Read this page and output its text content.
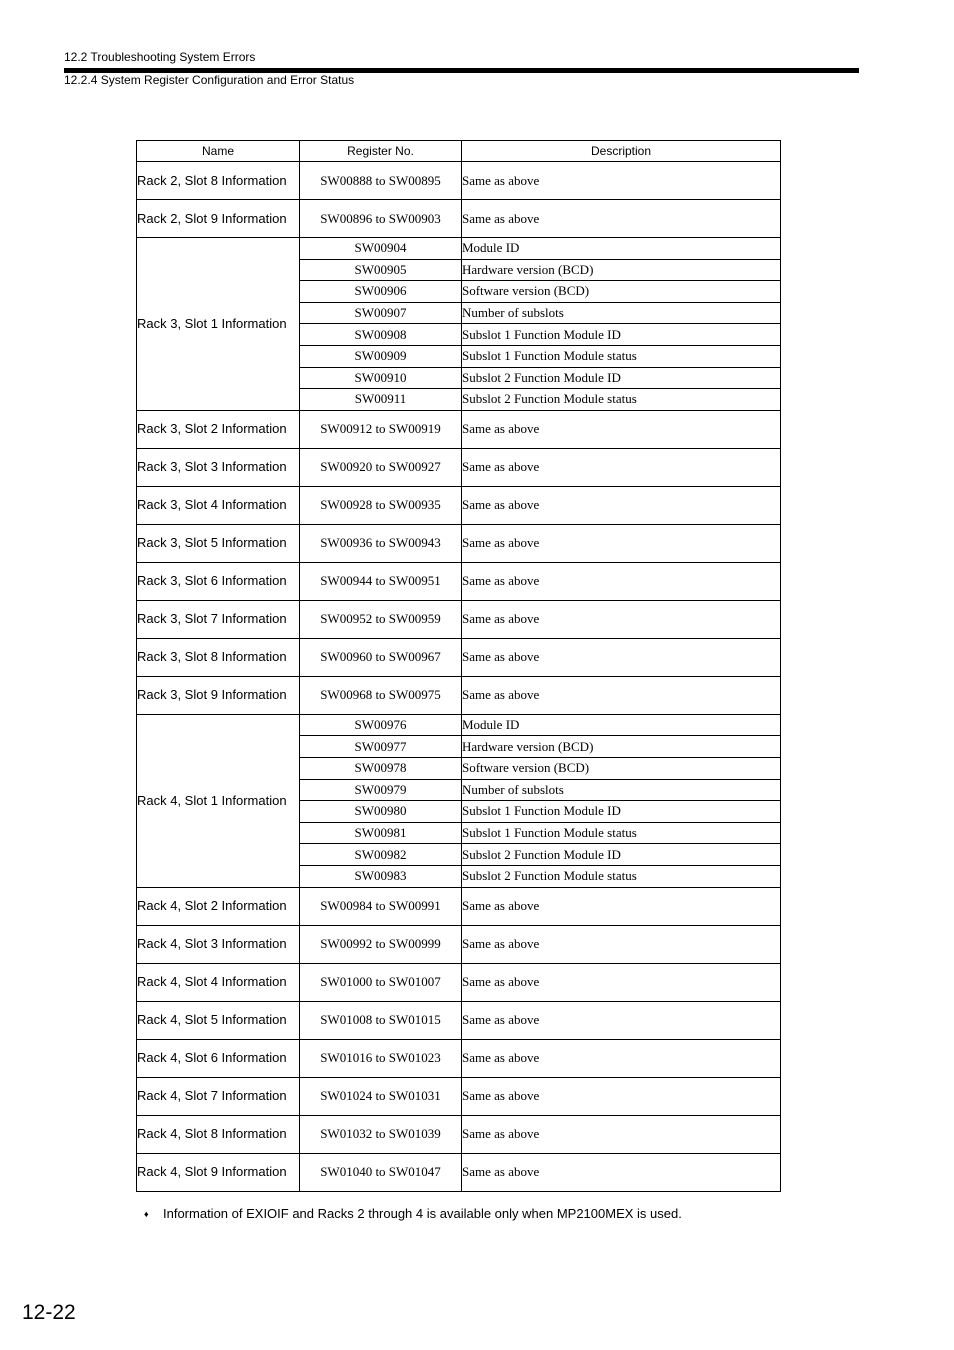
12.2 Troubleshooting System Errors
12.2.4 System Register Configuration and Error Status
Name	Register No.	Description
Rack 2, Slot 8 Information	SW00888 to SW00895	Same as above
Rack 2, Slot 9 Information	SW00896 to SW00903	Same as above
Rack 3, Slot 1 Information	SW00904	Module ID
	SW00905	Hardware version (BCD)
	SW00906	Software version (BCD)
	SW00907	Number of subslots
	SW00908	Subslot 1 Function Module ID
	SW00909	Subslot 1 Function Module status
	SW00910	Subslot 2 Function Module ID
	SW00911	Subslot 2 Function Module status
Rack 3, Slot 2 Information	SW00912 to SW00919	Same as above
Rack 3, Slot 3 Information	SW00920 to SW00927	Same as above
Rack 3, Slot 4 Information	SW00928 to SW00935	Same as above
Rack 3, Slot 5 Information	SW00936 to SW00943	Same as above
Rack 3, Slot 6 Information	SW00944 to SW00951	Same as above
Rack 3, Slot 7 Information	SW00952 to SW00959	Same as above
Rack 3, Slot 8 Information	SW00960 to SW00967	Same as above
Rack 3, Slot 9 Information	SW00968 to SW00975	Same as above
Rack 4, Slot 1 Information	SW00976	Module ID
	SW00977	Hardware version (BCD)
	SW00978	Software version (BCD)
	SW00979	Number of subslots
	SW00980	Subslot 1 Function Module ID
	SW00981	Subslot 1 Function Module status
	SW00982	Subslot 2 Function Module ID
	SW00983	Subslot 2 Function Module status
Rack 4, Slot 2 Information	SW00984 to SW00991	Same as above
Rack 4, Slot 3 Information	SW00992 to SW00999	Same as above
Rack 4, Slot 4 Information	SW01000 to SW01007	Same as above
Rack 4, Slot 5 Information	SW01008 to SW01015	Same as above
Rack 4, Slot 6 Information	SW01016 to SW01023	Same as above
Rack 4, Slot 7 Information	SW01024 to SW01031	Same as above
Rack 4, Slot 8 Information	SW01032 to SW01039	Same as above
Rack 4, Slot 9 Information	SW01040 to SW01047	Same as above
♦ Information of EXIOIF and Racks 2 through 4 is available only when MP2100MEX is used.
12-22
